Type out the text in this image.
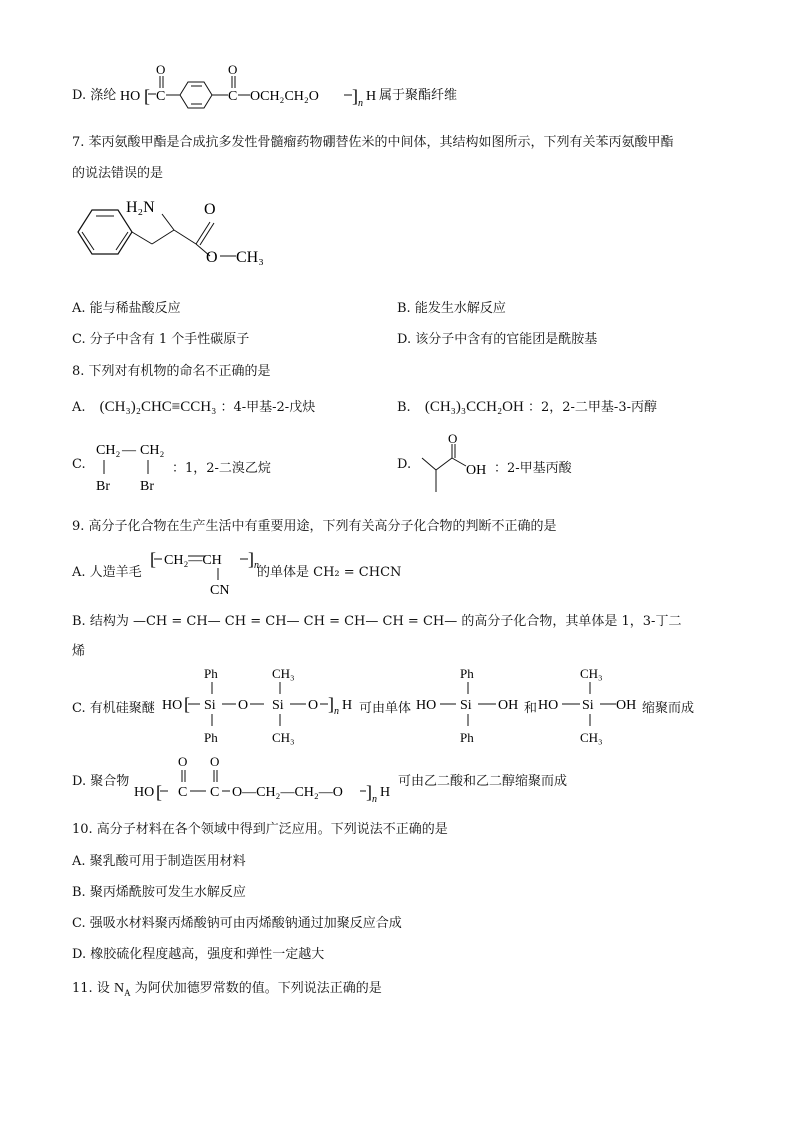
D. 涤纶 HO [ C
O
C
O
OCH₂CH₂O ] n H 属于聚酯纤维
7. 苯丙氨酸甲酯是合成抗多发性骨髓瘤药物硼替佐米的中间体，其结构如图所示，下列有关苯丙氨酸甲酯
的说法错误的是
H₂N	O
O CH₃
A. 能与稀盐酸反应	B. 能发生水解反应
C. 分子中含有 1 个手性碳原子	D. 该分子中含有的官能团是酰胺基
8. 下列对有机物的命名不正确的是
A. (CH₃)₂CHC≡CCH₃ ：4-甲基-2-戊炔	B. (CH₃)₃CCH₂OH ：2，2-二甲基-3-丙醇
C.
CH₂ — CH₂
Br Br
：1，2-二溴乙烷	D.
O
OH ：2-甲基丙酸
9. 高分子化合物在生产生活中有重要用途，下列有关高分子化合物的判断不正确的是
A. 人造羊毛
[ CH₂—CH ] n
CN
的单体是 CH₂ = CHCN
B. 结构为 —CH = CH— CH = CH— CH = CH— CH = CH— 的高分子化合物，其单体是 1，3-丁二
烯
C. 有机硅聚醚 HO [
Ph
Si
Ph
O
CH₃
Si
CH₃
O ] n H 可由单体 HO
Ph
Si
Ph
OH 和 HO
CH₃
Si
CH₃
OH 缩聚而成
D. 聚合物
HO [
O
C
O
C O—CH₂—CH₂—O ] n H
可由乙二酸和乙二醇缩聚而成
10. 高分子材料在各个领域中得到广泛应用。下列说法不正确的是
A. 聚乳酸可用于制造医用材料
B. 聚丙烯酰胺可发生水解反应
C. 强吸水材料聚丙烯酸钠可由丙烯酸钠通过加聚反应合成
D. 橡胶硫化程度越高，强度和弹性一定越大
11. 设 $N_A$ 为阿伏加德罗常数的值。下列说法正确的是
